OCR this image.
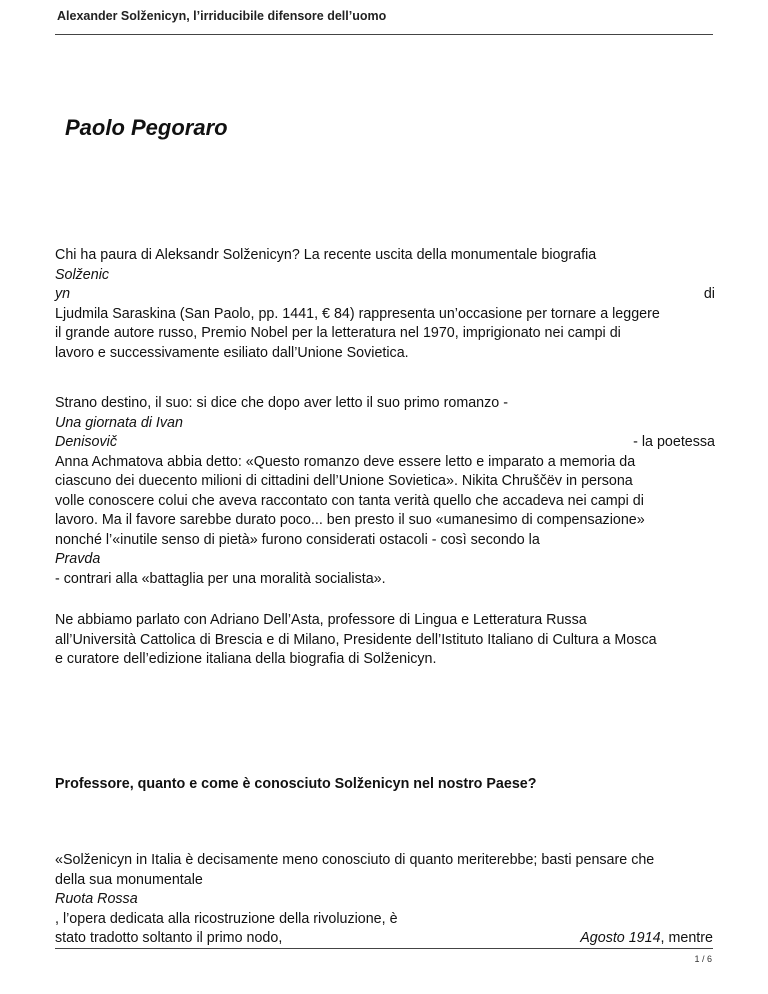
Alexander Solženicyn, l’irriducibile difensore dell’uomo
Paolo Pegoraro
Chi ha paura di Aleksandr Solženicyn? La recente uscita della monumentale biografia
Solženic
yn	di
Ljudmila Saraskina (San Paolo, pp. 1441, € 84) rappresenta un’occasione per tornare a leggere
il grande autore russo, Premio Nobel per la letteratura nel 1970, imprigionato nei campi di
lavoro e successivamente esiliato dall’Unione Sovietica.
Strano destino, il suo: si dice che dopo aver letto il suo primo romanzo -
Una giornata di Ivan
Denisovič	- la poetessa
Anna Achmatova abbia detto: «Questo romanzo deve essere letto e imparato a memoria da
ciascuno dei duecento milioni di cittadini dell’Unione Sovietica». Nikita Chruščëv in persona
volle conoscere colui che aveva raccontato con tanta verità quello che accadeva nei campi di
lavoro. Ma il favore sarebbe durato poco... ben presto il suo «umanesimo di compensazione»
nonché l’«inutile senso di pietà» furono considerati ostacoli - così secondo la
Pravda
- contrari alla «battaglia per una moralità socialista».
Ne abbiamo parlato con Adriano Dell’Asta, professore di Lingua e Letteratura Russa
all’Università Cattolica di Brescia e di Milano, Presidente dell’Istituto Italiano di Cultura a Mosca
e curatore dell’edizione italiana della biografia di Solženicyn.
Professore, quanto e come è conosciuto Solženicyn nel nostro Paese?
«Solženicyn in Italia è decisamente meno conosciuto di quanto meriterebbe; basti pensare che
della sua monumentale
Ruota Rossa
, l’opera dedicata alla ricostruzione della rivoluzione, è
stato tradotto soltanto il primo nodo,	Agosto 1914, mentre
1 / 6
